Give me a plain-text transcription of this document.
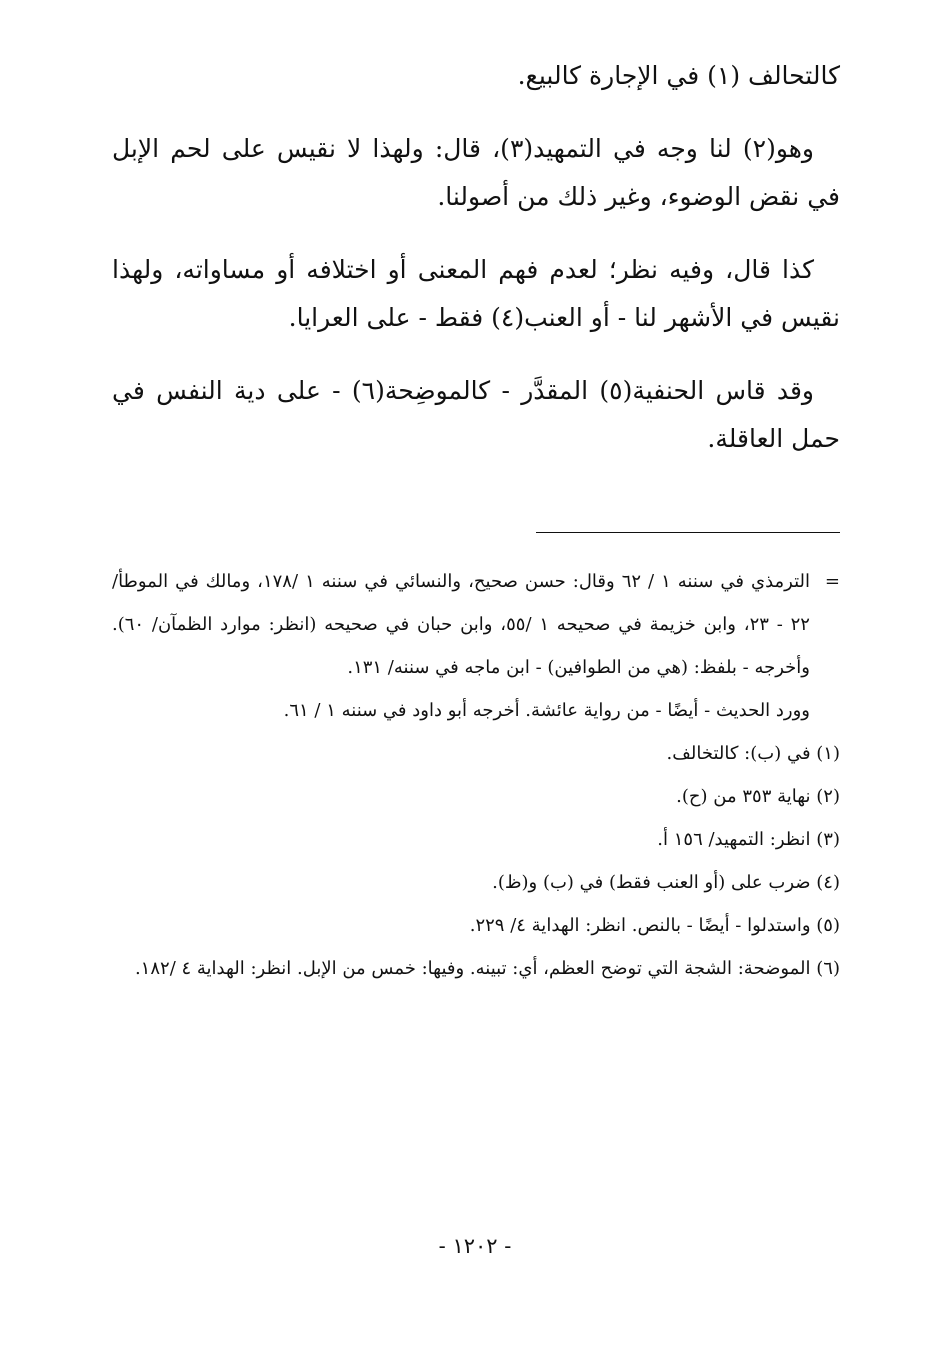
كالتحالف (١) في الإجارة كالبيع.

وهو(٢) لنا وجه في التمهيد(٣)، قال: ولهذا لا نقيس على لحم الإبل في نقض الوضوء، وغير ذلك من أصولنا.

كذا قال، وفيه نظر؛ لعدم فهم المعنى أو اختلافه أو مساواته، ولهذا نقيس في الأشهر لنا - أو العنب(٤) فقط - على العرايا.

وقد قاس الحنفية(٥) المقدَّر - كالموضِحة(٦) - على دية النفس في حمل العاقلة.

=
الترمذي في سننه ١ / ٦٢ وقال: حسن صحيح، والنسائي في سننه ١ /١٧٨، ومالك في الموطأ/ ٢٢ - ٢٣، وابن خزيمة في صحيحه ١ /٥٥، وابن حبان في صحيحه (انظر: موارد الظمآن/ ٦٠). وأخرجه - بلفظ: (هي من الطوافين) - ابن ماجه في سننه/ ١٣١.

وورد الحديث - أيضًا - من رواية عائشة. أخرجه أبو داود في سننه ١ / ٦١.

(١) في (ب): كالتخالف.

(٢) نهاية ٣٥٣ من (ح).

(٣) انظر: التمهيد/ ١٥٦ أ.

(٤) ضرب على (أو العنب فقط) في (ب) و(ظ).

(٥) واستدلوا - أيضًا - بالنص. انظر: الهداية ٤/ ٢٢٩.

(٦) الموضحة: الشجة التي توضح العظم، أي: تبينه. وفيها: خمس من الإبل. انظر: الهداية ٤ /١٨٢.

- ١٢٠٢ -
